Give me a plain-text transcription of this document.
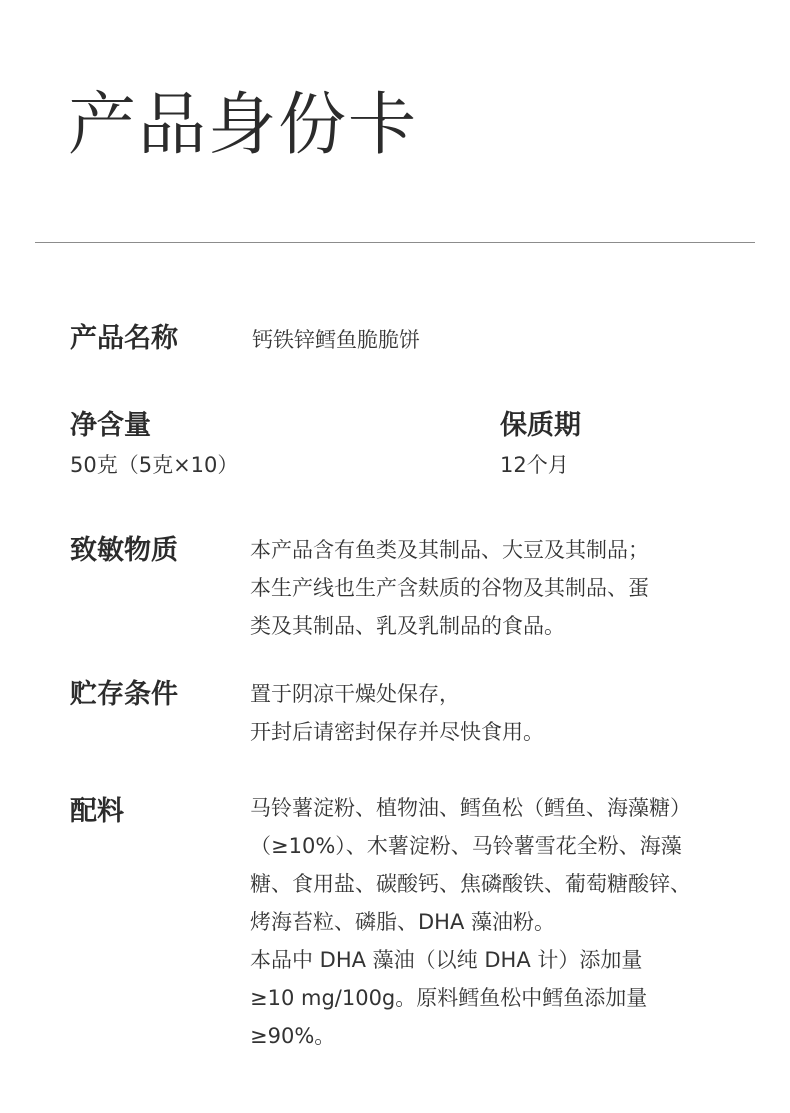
产品身份卡
产品名称	钙铁锌鳕鱼脆脆饼
净含量
50克（5克×10）
保质期
12个月
致敏物质	本产品含有鱼类及其制品、大豆及其制品；
本生产线也生产含麸质的谷物及其制品、蛋
类及其制品、乳及乳制品的食品。
贮存条件	置于阴凉干燥处保存，
开封后请密封保存并尽快食用。
配料	马铃薯淀粉、植物油、鳕鱼松（鳕鱼、海藻糖）
（≥10%）、木薯淀粉、马铃薯雪花全粉、海藻
糖、食用盐、碳酸钙、焦磷酸铁、葡萄糖酸锌、
烤海苔粒、磷脂、DHA 藻油粉。
本品中 DHA 藻油（以纯 DHA 计）添加量
≥10 mg/100g。原料鳕鱼松中鳕鱼添加量
≥90%。
